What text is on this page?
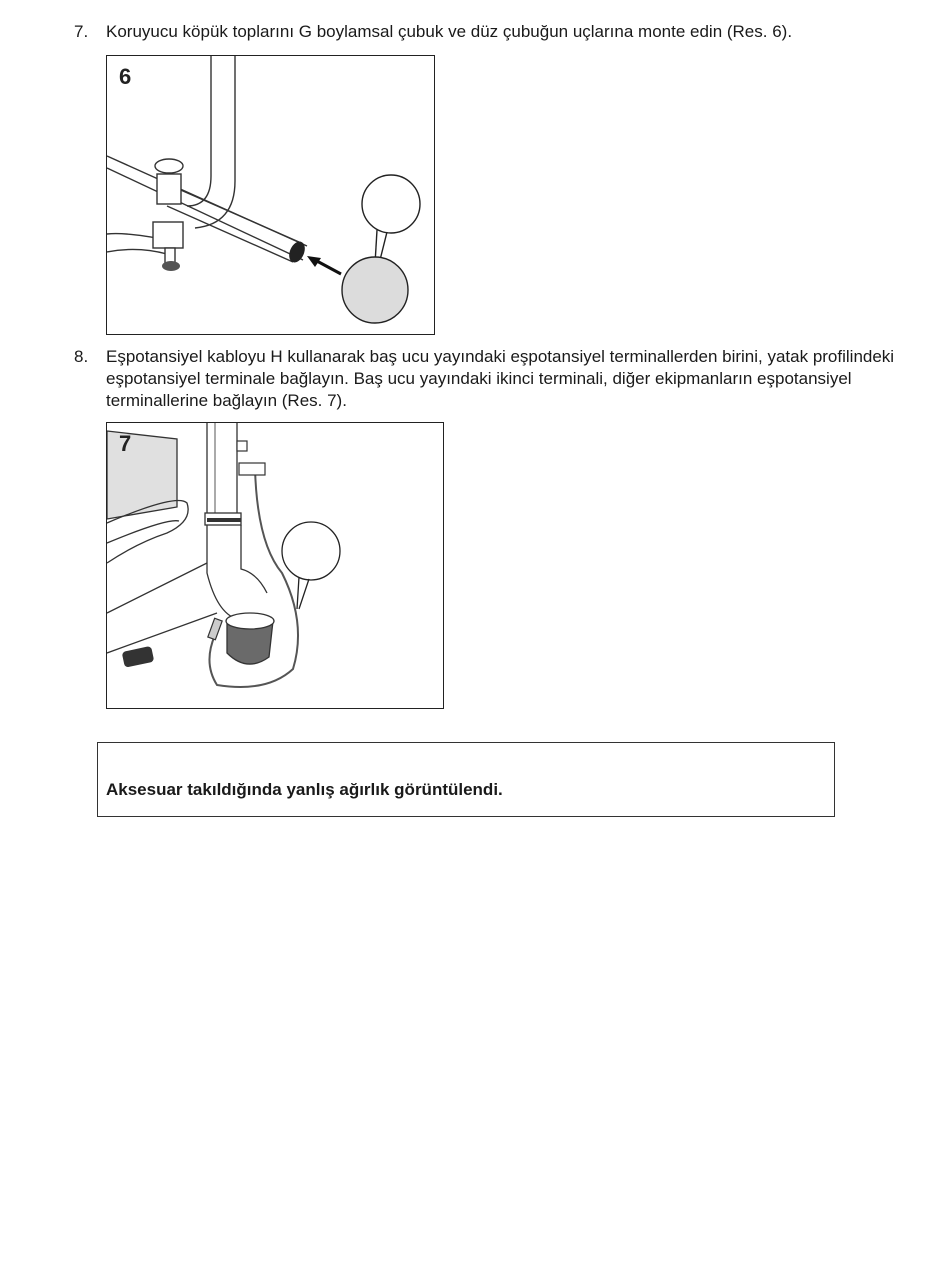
7. Koruyucu köpük toplarını G boylamsal çubuk ve düz çubuğun uçlarına monte edin (Res. 6).
6
8. Eşpotansiyel kabloyu H kullanarak baş ucu yayındaki eşpotansiyel terminallerden birini, yatak profilindeki eşpotansiyel terminale bağlayın. Baş ucu yayındaki ikinci terminali, diğer ekipmanların eşpotansiyel terminallerine bağlayın (Res. 7).
7
Aksesuar takıldığında yanlış ağırlık görüntülendi.
